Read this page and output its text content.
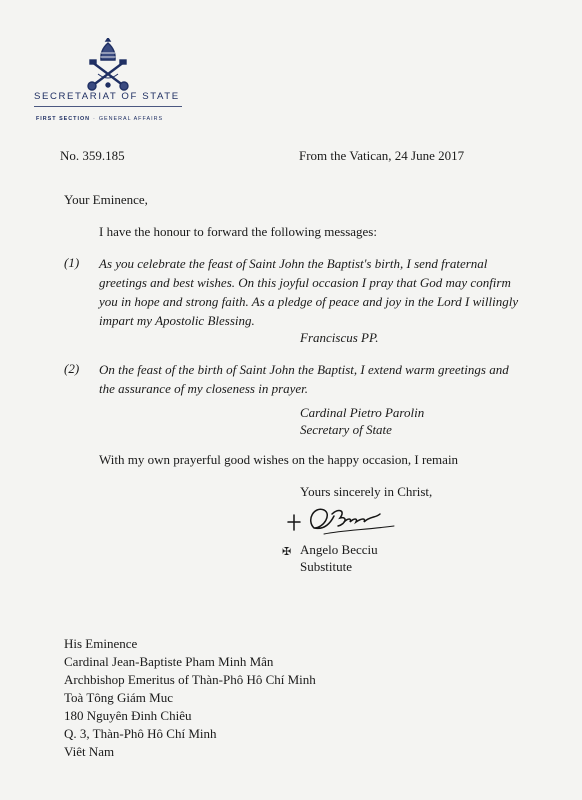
SECRETARIAT OF STATE
FIRST SECTION - GENERAL AFFAIRS
No. 359.185	From the Vatican, 24 June 2017
Your Eminence,
I have the honour to forward the following messages:
(1) As you celebrate the feast of Saint John the Baptist's birth, I send fraternal greetings and best wishes. On this joyful occasion I pray that God may confirm you in hope and strong faith. As a pledge of peace and joy in the Lord I willingly impart my Apostolic Blessing.
Franciscus PP.
(2) On the feast of the birth of Saint John the Baptist, I extend warm greetings and the assurance of my closeness in prayer.
Cardinal Pietro Parolin
Secretary of State
With my own prayerful good wishes on the happy occasion, I remain
Yours sincerely in Christ,
✠ Angelo Becciu
Substitute
His Eminence
Cardinal Jean-Baptiste Pham Minh Mân
Archbishop Emeritus of Thàn-Phô Hô Chí Minh
Toà Tông Giám Muc
180 Nguyên Ðinh Chiêu
Q. 3, Thàn-Phô Hô Chí Minh
Viêt Nam
